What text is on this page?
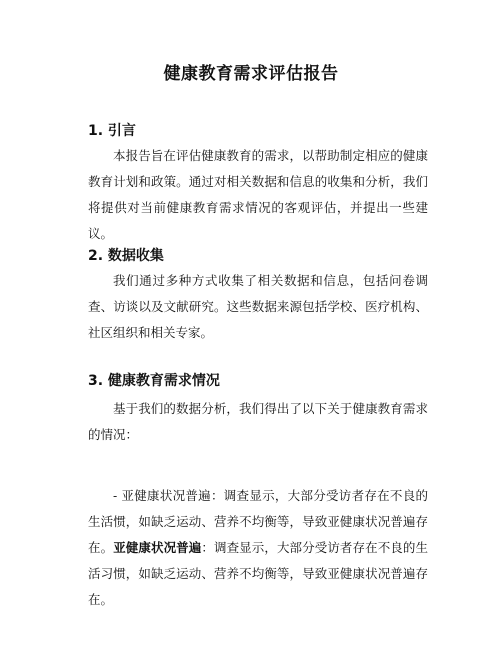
健康教育需求评估报告
1. 引言

本报告旨在评估健康教育的需求，以帮助制定相应的健康教育计划和政策。通过对相关数据和信息的收集和分析，我们将提供对当前健康教育需求情况的客观评估，并提出一些建议。

2. 数据收集

我们通过多种方式收集了相关数据和信息，包括问卷调查、访谈以及文献研究。这些数据来源包括学校、医疗机构、社区组织和相关专家。

3. 健康教育需求情况

基于我们的数据分析，我们得出了以下关于健康教育需求的情况：

- 亚健康状况普遍：调查显示，大部分受访者存在不良的生活惯，如缺乏运动、营养不均衡等，导致亚健康状况普遍存在。亚健康状况普遍：调查显示，大部分受访者存在不良的生活习惯，如缺乏运动、营养不均衡等，导致亚健康状况普遍存在。
